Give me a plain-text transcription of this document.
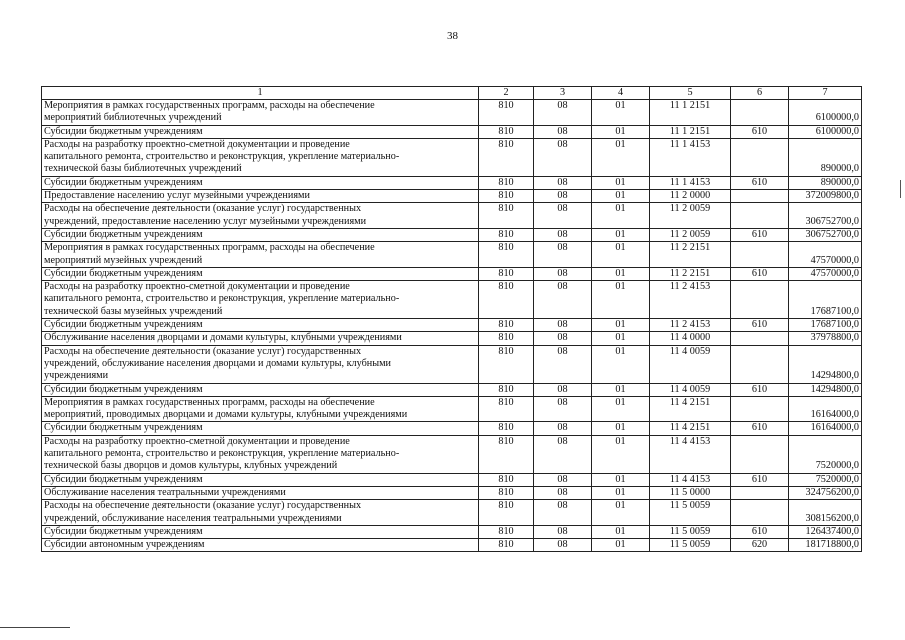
38
1	2	3	4	5	6	7

Мероприятия в рамках государственных программ, расходы на обеспечение
мероприятий библиотечных учреждений	810	08	01	11 1 2151		6100000,0

Субсидии бюджетным учреждениям	810	08	01	11 1 2151	610	6100000,0

Расходы на разработку проектно-сметной документации и проведение
капитального ремонта, строительство и реконструкция, укрепление материально-
технической базы библиотечных учреждений	810	08	01	11 1 4153		890000,0

Субсидии бюджетным учреждениям	810	08	01	11 1 4153	610	890000,0

Предоставление населению услуг музейными учреждениями	810	08	01	11 2 0000		372009800,0

Расходы на обеспечение деятельности (оказание услуг) государственных
учреждений, предоставление населению услуг музейными учреждениями	810	08	01	11 2 0059		306752700,0

Субсидии бюджетным учреждениям	810	08	01	11 2 0059	610	306752700,0

Мероприятия в рамках государственных программ, расходы на обеспечение
мероприятий музейных учреждений	810	08	01	11 2 2151		47570000,0

Субсидии бюджетным учреждениям	810	08	01	11 2 2151	610	47570000,0

Расходы на разработку проектно-сметной документации и проведение
капитального ремонта, строительство и реконструкция, укрепление материально-
технической базы музейных учреждений	810	08	01	11 2 4153		17687100,0

Субсидии бюджетным учреждениям	810	08	01	11 2 4153	610	17687100,0

Обслуживание населения дворцами и домами культуры, клубными учреждениями	810	08	01	11 4 0000		37978800,0

Расходы на обеспечение деятельности (оказание услуг) государственных
учреждений, обслуживание населения дворцами и домами культуры, клубными
учреждениями	810	08	01	11 4 0059		14294800,0

Субсидии бюджетным учреждениям	810	08	01	11 4 0059	610	14294800,0

Мероприятия в рамках государственных программ, расходы на обеспечение
мероприятий, проводимых дворцами и домами культуры, клубными учреждениями	810	08	01	11 4 2151		16164000,0

Субсидии бюджетным учреждениям	810	08	01	11 4 2151	610	16164000,0

Расходы на разработку проектно-сметной документации и проведение
капитального ремонта, строительство и реконструкция, укрепление материально-
технической базы дворцов и домов культуры, клубных учреждений	810	08	01	11 4 4153		7520000,0

Субсидии бюджетным учреждениям	810	08	01	11 4 4153	610	7520000,0

Обслуживание населения театральными учреждениями	810	08	01	11 5 0000		324756200,0

Расходы на обеспечение деятельности (оказание услуг) государственных
учреждений, обслуживание населения театральными учреждениями	810	08	01	11 5 0059		308156200,0

Субсидии бюджетным учреждениям	810	08	01	11 5 0059	610	126437400,0

Субсидии автономным учреждениям	810	08	01	11 5 0059	620	181718800,0
